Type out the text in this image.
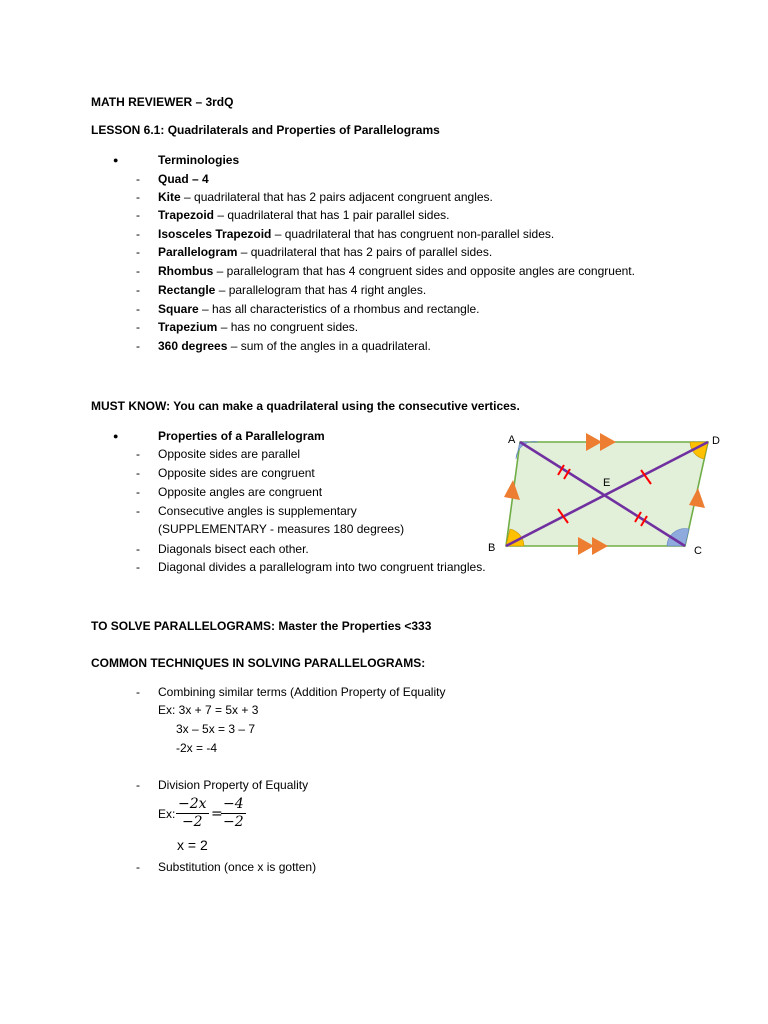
MATH REVIEWER – 3rdQ
LESSON 6.1: Quadrilaterals and Properties of Parallelograms
●	Terminologies
- Quad – 4
- Kite – quadrilateral that has 2 pairs adjacent congruent angles.
- Trapezoid – quadrilateral that has 1 pair parallel sides.
- Isosceles Trapezoid – quadrilateral that has congruent non-parallel sides.
- Parallelogram – quadrilateral that has 2 pairs of parallel sides.
- Rhombus – parallelogram that has 4 congruent sides and opposite angles are congruent.
- Rectangle – parallelogram that has 4 right angles.
- Square – has all characteristics of a rhombus and rectangle.
- Trapezium – has no congruent sides.
- 360 degrees – sum of the angles in a quadrilateral.
MUST KNOW: You can make a quadrilateral using the consecutive vertices.
●	Properties of a Parallelogram
- Opposite sides are parallel
- Opposite sides are congruent
- Opposite angles are congruent
- Consecutive angles is supplementary
(SUPPLEMENTARY - measures 180 degrees)
- Diagonals bisect each other.
- Diagonal divides a parallelogram into two congruent triangles.
A	D
B	C
E
TO SOLVE PARALLELOGRAMS: Master the Properties <333
COMMON TECHNIQUES IN SOLVING PARALLELOGRAMS:
- Combining similar terms (Addition Property of Equality
Ex: 3x + 7 = 5x + 3
3x – 5x = 3 – 7
-2x = -4
- Division Property of Equality
Ex: $\frac{-2x}{-2}$ =
$\frac{-4}{-2}$
x = 2
- Substitution (once x is gotten)
